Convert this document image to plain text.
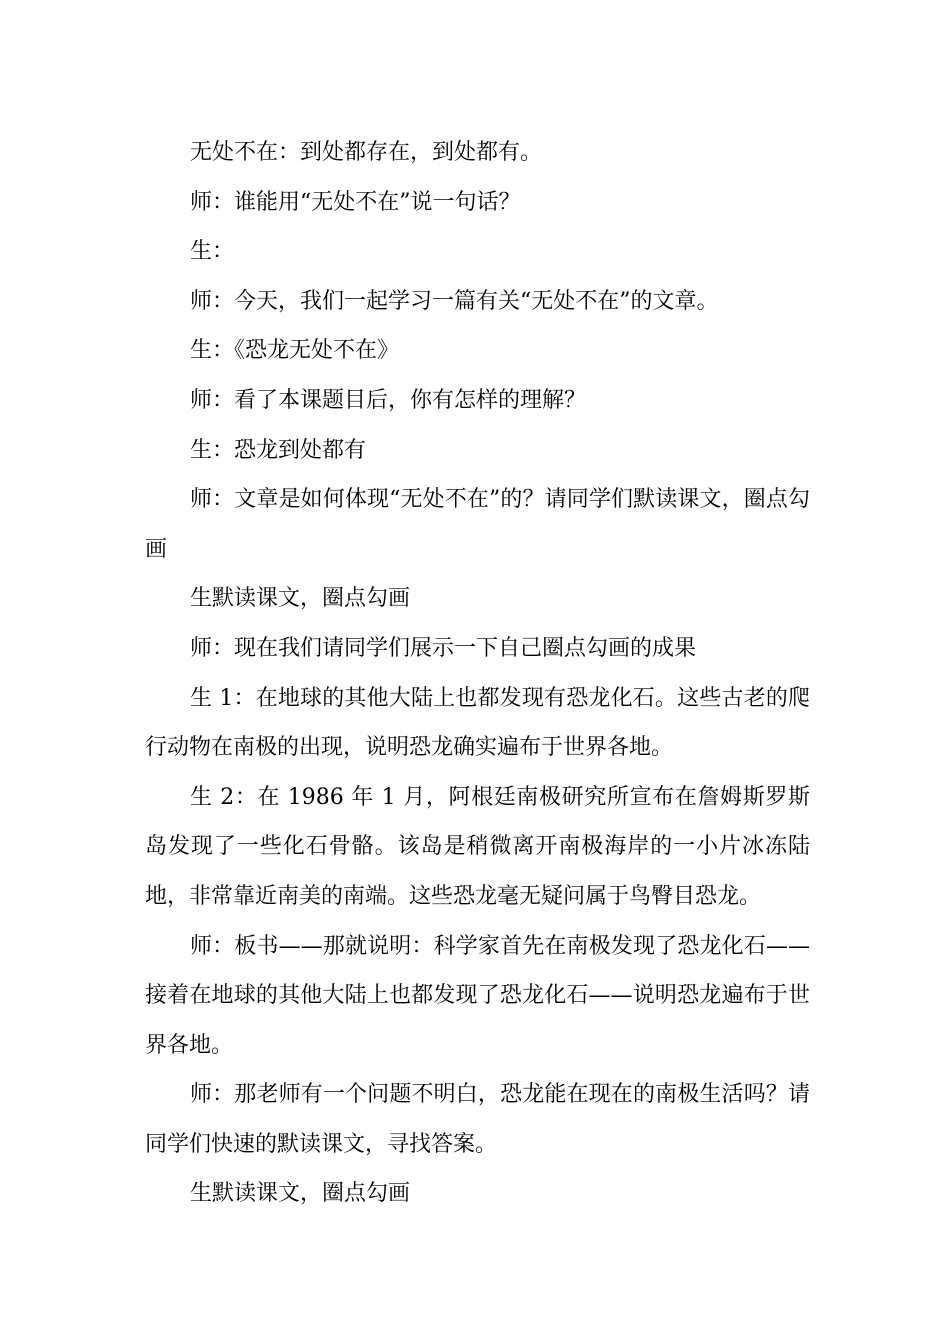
无处不在：到处都存在，到处都有。

师：谁能用“无处不在”说一句话？

生：

师：今天，我们一起学习一篇有关“无处不在”的文章。

生：《恐龙无处不在》

师：看了本课题目后，你有怎样的理解？

生：恐龙到处都有

师：文章是如何体现“无处不在”的？请同学们默读课文，圈点勾画

生默读课文，圈点勾画

师：现在我们请同学们展示一下自己圈点勾画的成果

生 1：在地球的其他大陆上也都发现有恐龙化石。这些古老的爬行动物在南极的出现，说明恐龙确实遍布于世界各地。

生 2：在 1986 年 1 月，阿根廷南极研究所宣布在詹姆斯罗斯岛发现了一些化石骨骼。该岛是稍微离开南极海岸的一小片冰冻陆地，非常靠近南美的南端。这些恐龙毫无疑问属于鸟臀目恐龙。

师：板书——那就说明：科学家首先在南极发现了恐龙化石——接着在地球的其他大陆上也都发现了恐龙化石——说明恐龙遍布于世界各地。

师：那老师有一个问题不明白，恐龙能在现在的南极生活吗？请同学们快速的默读课文，寻找答案。

生默读课文，圈点勾画
